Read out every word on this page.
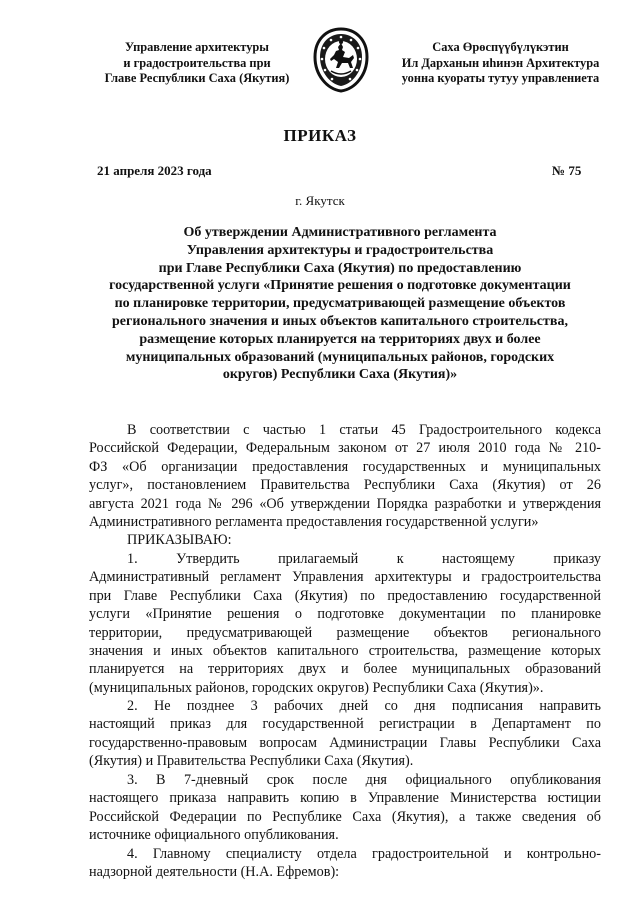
Управление архитектуры
и градостроительства при
Главе Республики Саха (Якутия)
Саха Өрөспүүбүлүкэтин
Ил Дарханын иһинэн Архитектура
уонна куораты тутуу управлениета
ПРИКАЗ
21 апреля 2023 года	№ 75
г. Якутск
Об утверждении Административного регламента
Управления архитектуры и градостроительства
при Главе Республики Саха (Якутия) по предоставлению
государственной услуги «Принятие решения о подготовке документации
по планировке территории, предусматривающей размещение объектов
регионального значения и иных объектов капитального строительства,
размещение которых планируется на территориях двух и более
муниципальных образований (муниципальных районов, городских
округов) Республики Саха (Якутия)»
В соответствии с частью 1 статьи 45 Градостроительного кодекса
Российской Федерации, Федеральным законом от 27 июля 2010 года № 210-
ФЗ «Об организации предоставления государственных и муниципальных
услуг», постановлением Правительства Республики Саха (Якутия) от 26
августа 2021 года № 296 «Об утверждении Порядка разработки и утверждения
Административного регламента предоставления государственной услуги»
ПРИКАЗЫВАЮ:
1. Утвердить прилагаемый к настоящему приказу
Административный регламент Управления архитектуры и градостроительства
при Главе Республики Саха (Якутия) по предоставлению государственной
услуги «Принятие решения о подготовке документации по планировке
территории, предусматривающей размещение объектов регионального
значения и иных объектов капитального строительства, размещение которых
планируется на территориях двух и более муниципальных образований
(муниципальных районов, городских округов) Республики Саха (Якутия)».
2. Не позднее 3 рабочих дней со дня подписания направить
настоящий приказ для государственной регистрации в Департамент по
государственно-правовым вопросам Администрации Главы Республики Саха
(Якутия) и Правительства Республики Саха (Якутия).
3. В 7-дневный срок после дня официального опубликования
настоящего приказа направить копию в Управление Министерства юстиции
Российской Федерации по Республике Саха (Якутия), а также сведения об
источнике официального опубликования.
4. Главному специалисту отдела градостроительной и контрольно-
надзорной деятельности (Н.А. Ефремов):
